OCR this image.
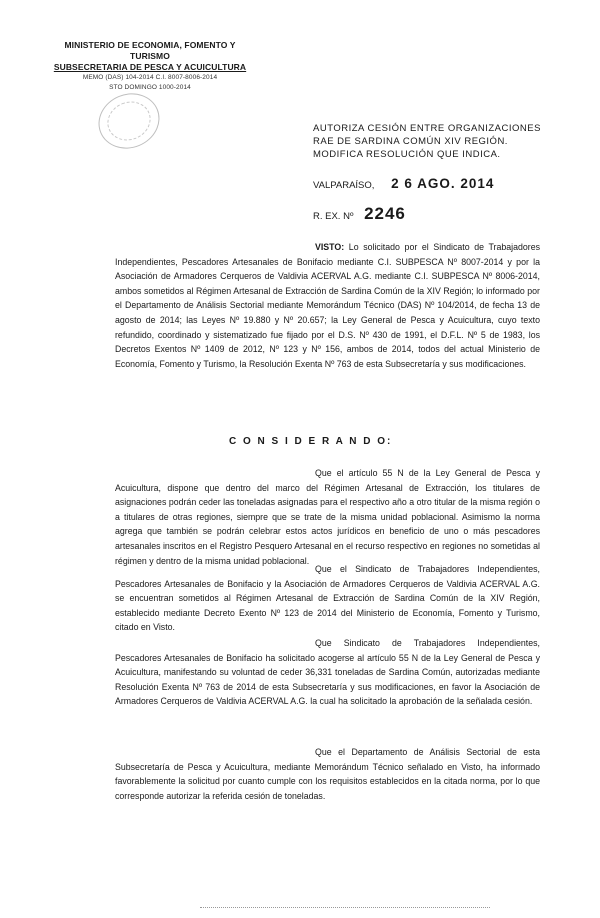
MINISTERIO DE ECONOMIA, FOMENTO Y TURISMO
SUBSECRETARIA DE PESCA Y ACUICULTURA
MEMO (DAS) 104-2014 C.I. 8007-8006-2014
STO DOMINGO 1000-2014
AUTORIZA CESIÓN ENTRE ORGANIZACIONES RAE DE SARDINA COMÚN XIV REGIÓN. MODIFICA RESOLUCIÓN QUE INDICA.
VALPARAÍSO, 2 6 AGO. 2014
R. EX. Nº 2246

VISTO: Lo solicitado por el Sindicato de Trabajadores Independientes, Pescadores Artesanales de Bonifacio mediante C.I. SUBPESCA Nº 8007-2014 y por la Asociación de Armadores Cerqueros de Valdivia ACERVAL A.G. mediante C.I. SUBPESCA Nº 8006-2014, ambos sometidos al Régimen Artesanal de Extracción de Sardina Común de la XIV Región; lo informado por el Departamento de Análisis Sectorial mediante Memorándum Técnico (DAS) Nº 104/2014, de fecha 13 de agosto de 2014; las Leyes Nº 19.880 y Nº 20.657; la Ley General de Pesca y Acuicultura, cuyo texto refundido, coordinado y sistematizado fue fijado por el D.S. Nº 430 de 1991, el D.F.L. Nº 5 de 1983, los Decretos Exentos Nº 1409 de 2012, Nº 123 y Nº 156, ambos de 2014, todos del actual Ministerio de Economía, Fomento y Turismo, la Resolución Exenta Nº 763 de esta Subsecretaría y sus modificaciones.

C O N S I D E R A N D O:

Que el artículo 55 N de la Ley General de Pesca y Acuicultura, dispone que dentro del marco del Régimen Artesanal de Extracción, los titulares de asignaciones podrán ceder las toneladas asignadas para el respectivo año a otro titular de la misma región o a titulares de otras regiones, siempre que se trate de la misma unidad poblacional. Asimismo la norma agrega que también se podrán celebrar estos actos jurídicos en beneficio de uno o más pescadores artesanales inscritos en el Registro Pesquero Artesanal en el recurso respectivo en regiones no sometidas al régimen y dentro de la misma unidad poblacional.

Que el Sindicato de Trabajadores Independientes, Pescadores Artesanales de Bonifacio y la Asociación de Armadores Cerqueros de Valdivia ACERVAL A.G. se encuentran sometidos al Régimen Artesanal de Extracción de Sardina Común de la XIV Región, establecido mediante Decreto Exento Nº 123 de 2014 del Ministerio de Economía, Fomento y Turismo, citado en Visto.

Que Sindicato de Trabajadores Independientes, Pescadores Artesanales de Bonifacio ha solicitado acogerse al artículo 55 N de la Ley General de Pesca y Acuicultura, manifestando su voluntad de ceder 36,331 toneladas de Sardina Común, autorizadas mediante Resolución Exenta Nº 763 de 2014 de esta Subsecretaría y sus modificaciones, en favor la Asociación de Armadores Cerqueros de Valdivia ACERVAL A.G. la cual ha solicitado la aprobación de la señalada cesión.

Que el Departamento de Análisis Sectorial de esta Subsecretaría de Pesca y Acuicultura, mediante Memorándum Técnico señalado en Visto, ha informado favorablemente la solicitud por cuanto cumple con los requisitos establecidos en la citada norma, por lo que corresponde autorizar la referida cesión de toneladas.
